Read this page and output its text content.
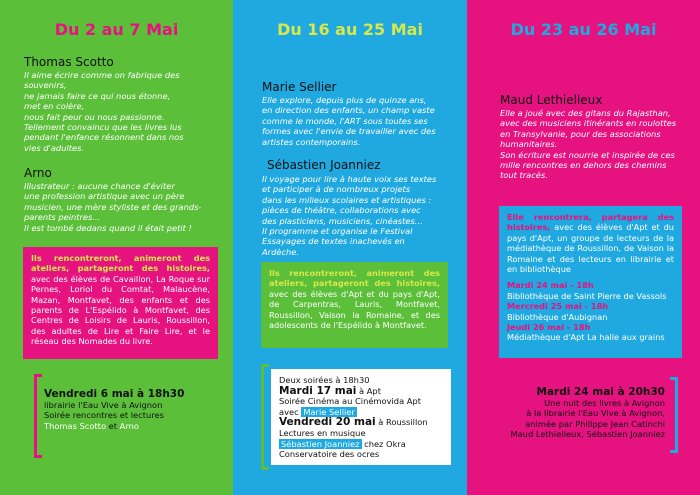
Du 2 au 7 Mai
Thomas Scotto
Il aime écrire comme on fabrique des
souvenirs,
ne jamais faire ce qui nous étonne,
met en colère,
nous fait peur ou nous passionne.
Tellement convaincu que les livres lus
pendant l'enfance résonnent dans nos
vies d'adultes.
Arno
Illustrateur : aucune chance d'éviter
une profession artistique avec un père
musicien, une mère styliste et des grands-
parents peintres...
Il est tombé dedans quand il était petit !
Ils rencontreront, animeront des ateliers, partageront des histoires, avec des élèves de Cavaillon, La Roque sur Pernes, Loriol du Comtat, Malaucène, Mazan, Montfavet, des enfants et des parents de L'Espélido à Montfavet, des Centres de Loisirs de Lauris, Roussillon, des adultes de Lire et Faire Lire, et le réseau des Nomades du livre.
Vendredi 6 mai à 18h30
librairie l'Eau Vive à Avignon
Soirée rencontres et lectures
Thomas Scotto et Arno
Du 16 au 25 Mai
Marie Sellier
Elle explore, depuis plus de quinze ans,
en direction des enfants, un champ vaste
comme le monde, l'ART sous toutes ses
formes avec l'envie de travailler avec des
artistes contemporains.
Sébastien Joanniez
Il voyage pour lire à haute voix ses textes
et participer à de nombreux projets
dans les milieux scolaires et artistiques :
pièces de théâtre, collaborations avec
des plasticiens, musiciens, cinéastes...
Il programme et organise le Festival
Essayages de textes inachevés en
Ardèche.
Ils rencontreront, animeront des ateliers, partageront des histoires, avec des élèves d'Apt et du pays d'Apt, de Carpentras, Lauris, Montfavet, Roussillon, Vaison la Romaine, et des adolescents de l'Espélido à Montfavet.
Deux soirées à 18h30
Mardi 17 mai à Apt
Soirée Cinéma au Cinémovida Apt
avec Marie Sellier
Vendredi 20 mai à Roussillon
Lectures en musique
Sébastien Joanniez chez Okra
Conservatoire des ocres
Du 23 au 26 Mai
Maud Lethielleux
Elle a joué avec des gitans du Rajasthan,
avec des musiciens itinérants en roulottes
en Transylvanie, pour des associations
humanitaires.
Son écriture est nourrie et inspirée de ces
mille rencontres en dehors des chemins
tout tracés.
Elle rencontrera, partagera des histoires, avec des élèves d'Apt et du pays d'Apt, un groupe de lecteurs de la médiathèque de Roussillon, de Vaison la Romaine et des lecteurs en librairie et en bibliothèque
Mardi 24 mai - 18h
Bibliothèque de Saint Pierre de Vassols
Mercredi 25 mai - 18h
Bibliothèque d'Aubignan
Jeudi 26 mai - 18h
Médiathèque d'Apt La halle aux grains
Mardi 24 mai à 20h30
Une nuit des livres à Avignon
à la librairie l'Eau Vive à Avignon,
animée par Philippe Jean Catinchi
Maud Lethielleux, Sébastien Joanniez
